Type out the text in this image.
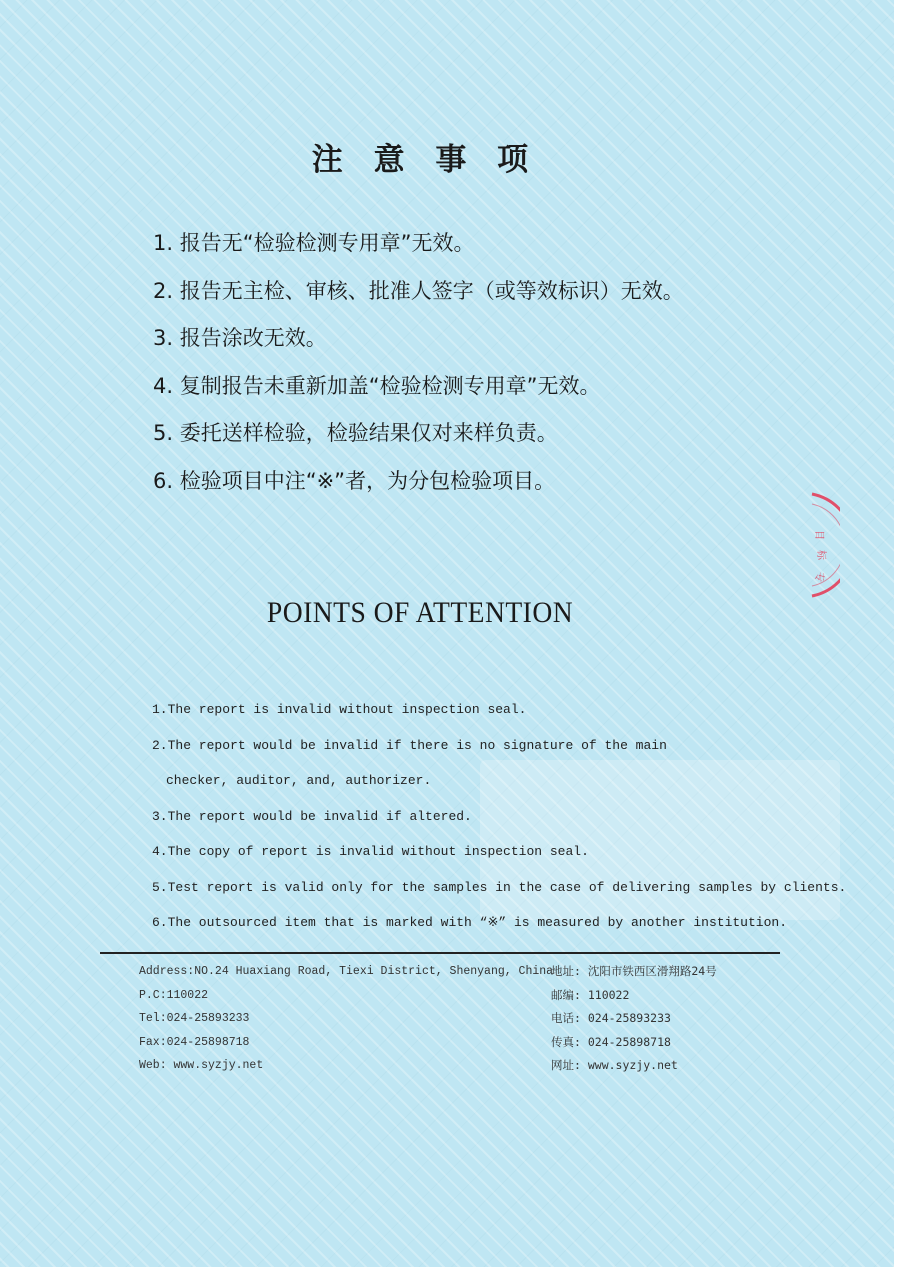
注 意 事 项
1. 报告无“检验检测专用章”无效。
2. 报告无主检、审核、批准人签字（或等效标识）无效。
3. 报告涂改无效。
4. 复制报告未重新加盖“检验检测专用章”无效。
5. 委托送样检验，检验结果仅对来样负责。
6. 检验项目中注“※”者，为分包检验项目。
目
标
专
POINTS OF ATTENTION
1.The report is invalid without inspection seal.
2.The report would be invalid if there is no signature of the main
checker, auditor, and, authorizer.
3.The report would be invalid if altered.
4.The copy of report is invalid without inspection seal.
5.Test report is valid only for the samples in the case of delivering samples by clients.
6.The outsourced item that is marked with “※” is measured by another institution.
Address:NO.24 Huaxiang Road, Tiexi District, Shenyang, China
P.C:110022
Tel:024-25893233
Fax:024-25898718
Web: www.syzjy.net
地址: 沈阳市铁西区滑翔路24号
邮编: 110022
电话: 024-25893233
传真: 024-25898718
网址: www.syzjy.net
